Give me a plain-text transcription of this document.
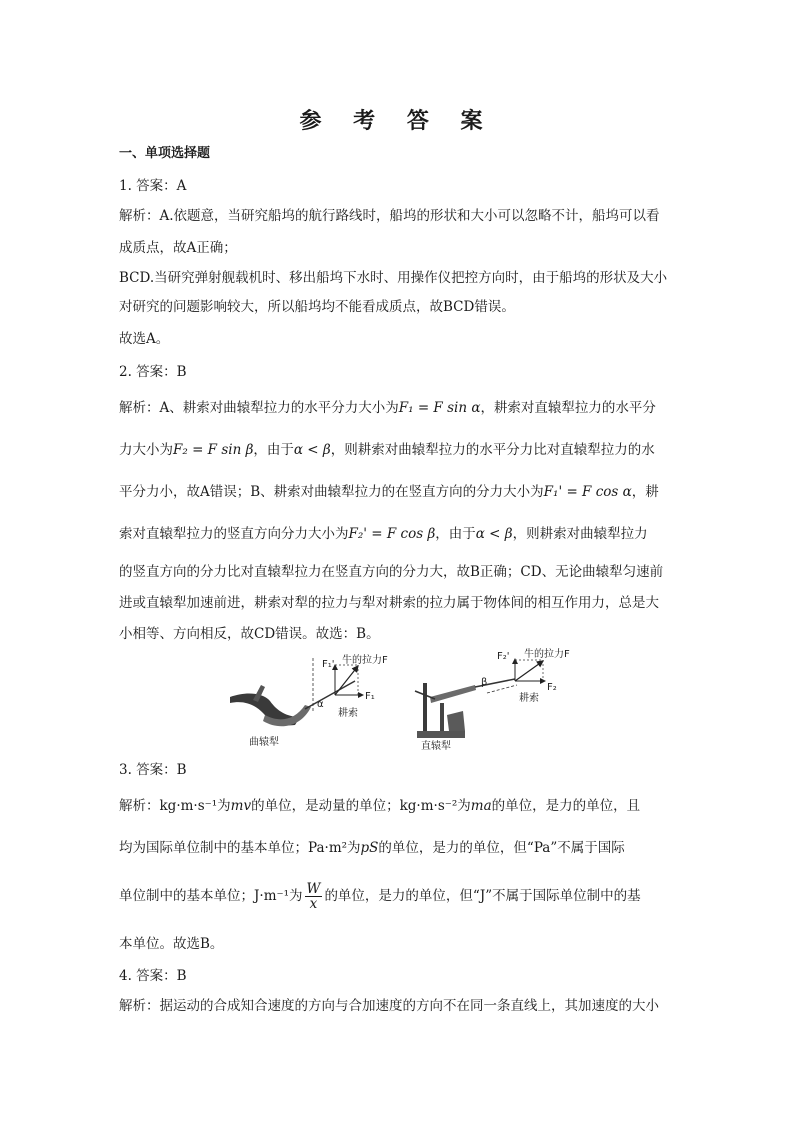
参 考 答 案
一、单项选择题
1. 答案：A
解析：A.依题意，当研究船坞的航行路线时，船坞的形状和大小可以忽略不计，船坞可以看
成质点，故A正确；
BCD.当研究弹射舰载机时、移出船坞下水时、用操作仪把控方向时，由于船坞的形状及大小
对研究的问题影响较大，所以船坞均不能看成质点，故BCD错误。
故选A。
2. 答案：B
解析：A、耕索对曲辕犁拉力的水平分力大小为F₁ = F sin α，耕索对直辕犁拉力的水平分
力大小为F₂ = F sin β，由于α < β，则耕索对曲辕犁拉力的水平分力比对直辕犁拉力的水
平分力小，故A错误；B、耕索对曲辕犁拉力的在竖直方向的分力大小为F₁' = F cos α，耕
索对直辕犁拉力的竖直方向分力大小为F₂' = F cos β，由于α < β，则耕索对曲辕犁拉力
的竖直方向的分力比对直辕犁拉力在竖直方向的分力大，故B正确；CD、无论曲辕犁匀速前
进或直辕犁加速前进，耕索对犁的拉力与犁对耕索的拉力属于物体间的相互作用力，总是大
小相等、方向相反，故CD错误。故选：B。
F₁' 牛的拉力F
F₁
α
耕索
曲辕犁
F₂' 牛的拉力F
F₂
β
耕索
直辕犁
3. 答案：B
解析：kg·m·s⁻¹为mv的单位，是动量的单位；kg·m·s⁻²为ma的单位，是力的单位，且
均为国际单位制中的基本单位；Pa·m²为pS的单位，是力的单位，但“Pa”不属于国际
单位制中的基本单位；J·m⁻¹为 $\frac{W}{x}$ 的单位，是力的单位，但“J”不属于国际单位制中的基
本单位。故选B。
4. 答案：B
解析：据运动的合成知合速度的方向与合加速度的方向不在同一条直线上，其加速度的大小
